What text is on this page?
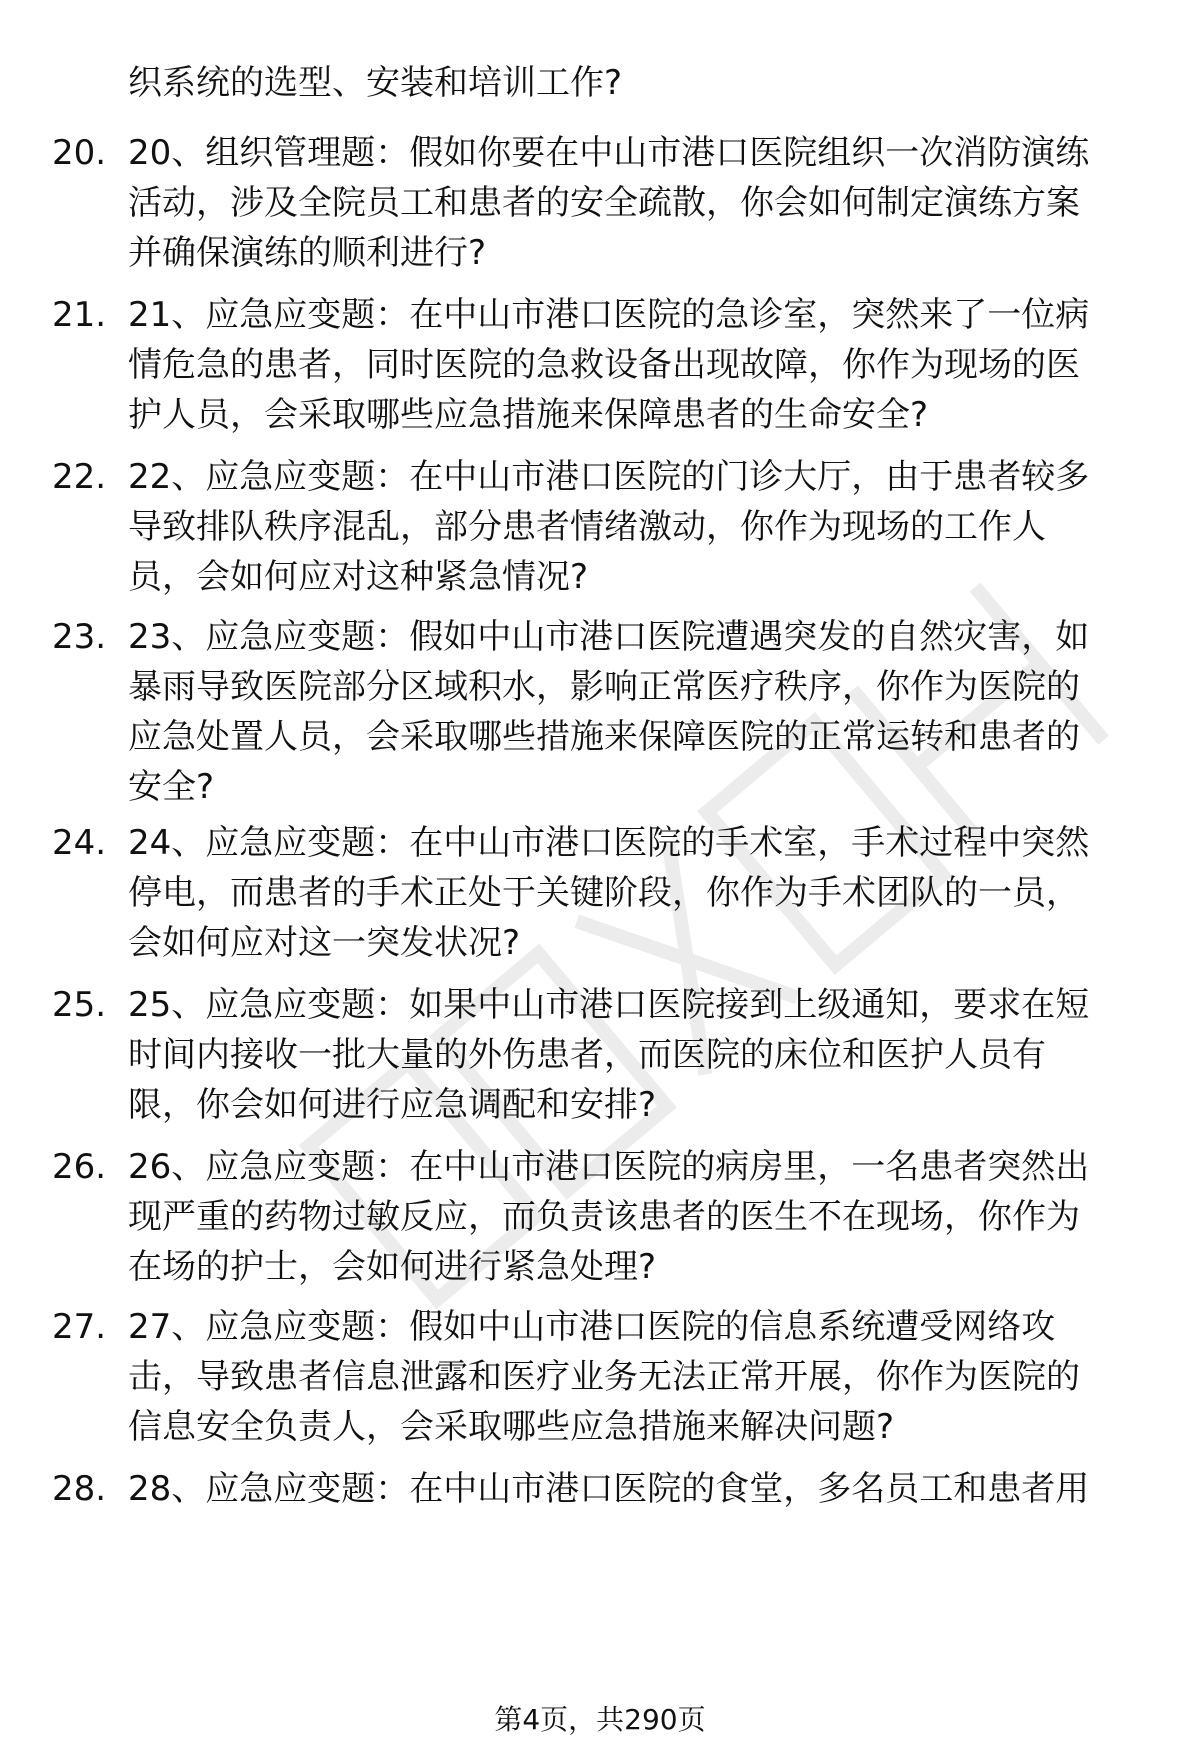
织系统的选型、安装和培训工作?
20. 20、组织管理题：假如你要在中山市港口医院组织一次消防演练
活动，涉及全院员工和患者的安全疏散，你会如何制定演练方案
并确保演练的顺利进行?
21. 21、应急应变题：在中山市港口医院的急诊室，突然来了一位病
情危急的患者，同时医院的急救设备出现故障，你作为现场的医
护人员，会采取哪些应急措施来保障患者的生命安全?
22. 22、应急应变题：在中山市港口医院的门诊大厅，由于患者较多
导致排队秩序混乱，部分患者情绪激动，你作为现场的工作人
员，会如何应对这种紧急情况?
23. 23、应急应变题：假如中山市港口医院遭遇突发的自然灾害，如
暴雨导致医院部分区域积水，影响正常医疗秩序，你作为医院的
应急处置人员，会采取哪些措施来保障医院的正常运转和患者的
安全?
24. 24、应急应变题：在中山市港口医院的手术室，手术过程中突然
停电，而患者的手术正处于关键阶段，你作为手术团队的一员，
会如何应对这一突发状况?
25. 25、应急应变题：如果中山市港口医院接到上级通知，要求在短
时间内接收一批大量的外伤患者，而医院的床位和医护人员有
限，你会如何进行应急调配和安排?
26. 26、应急应变题：在中山市港口医院的病房里，一名患者突然出
现严重的药物过敏反应，而负责该患者的医生不在现场，你作为
在场的护士，会如何进行紧急处理?
27. 27、应急应变题：假如中山市港口医院的信息系统遭受网络攻
击，导致患者信息泄露和医疗业务无法正常开展，你作为医院的
信息安全负责人，会采取哪些应急措施来解决问题?
28. 28、应急应变题：在中山市港口医院的食堂，多名员工和患者用
第4页，共290页
